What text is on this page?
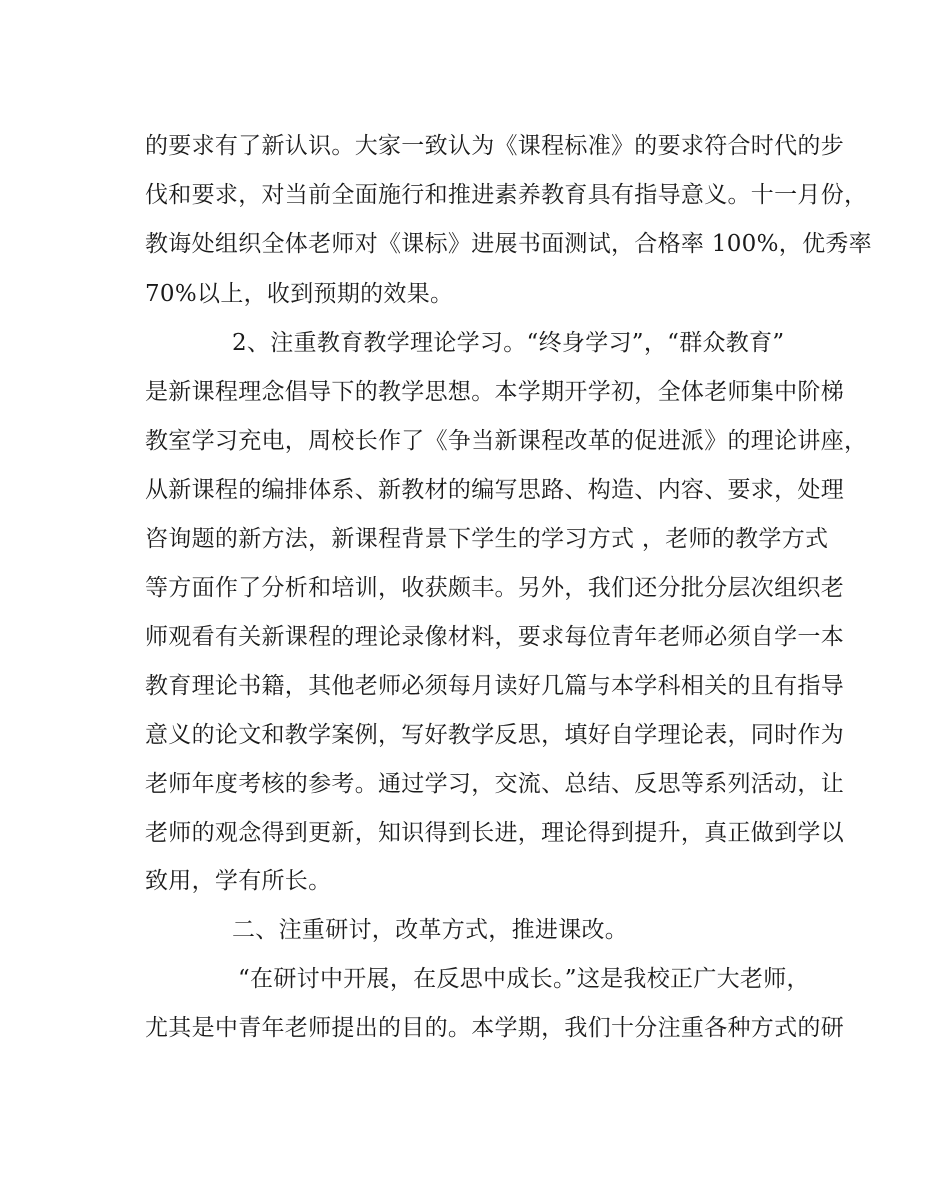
的要求有了新认识。大家一致认为《课程标准》的要求符合时代的步
伐和要求，对当前全面施行和推进素养教育具有指导意义。十一月份，
教诲处组织全体老师对《课标》进展书面测试，合格率 100%，优秀率
70%以上，收到预期的效果。
2、注重教育教学理论学习。“终身学习”，“群众教育”
是新课程理念倡导下的教学思想。本学期开学初，全体老师集中阶梯
教室学习充电，周校长作了《争当新课程改革的促进派》的理论讲座，
从新课程的编排体系、新教材的编写思路、构造、内容、要求，处理
咨询题的新方法，新课程背景下学生的学习方式 ，老师的教学方式
等方面作了分析和培训，收获颇丰。另外，我们还分批分层次组织老
师观看有关新课程的理论录像材料，要求每位青年老师必须自学一本
教育理论书籍，其他老师必须每月读好几篇与本学科相关的且有指导
意义的论文和教学案例，写好教学反思，填好自学理论表，同时作为
老师年度考核的参考。通过学习，交流、总结、反思等系列活动，让
老师的观念得到更新，知识得到长进，理论得到提升，真正做到学以
致用，学有所长。
二、注重研讨，改革方式，推进课改。
“在研讨中开展，在反思中成长。”这是我校正广大老师，
尤其是中青年老师提出的目的。本学期，我们十分注重各种方式的研
